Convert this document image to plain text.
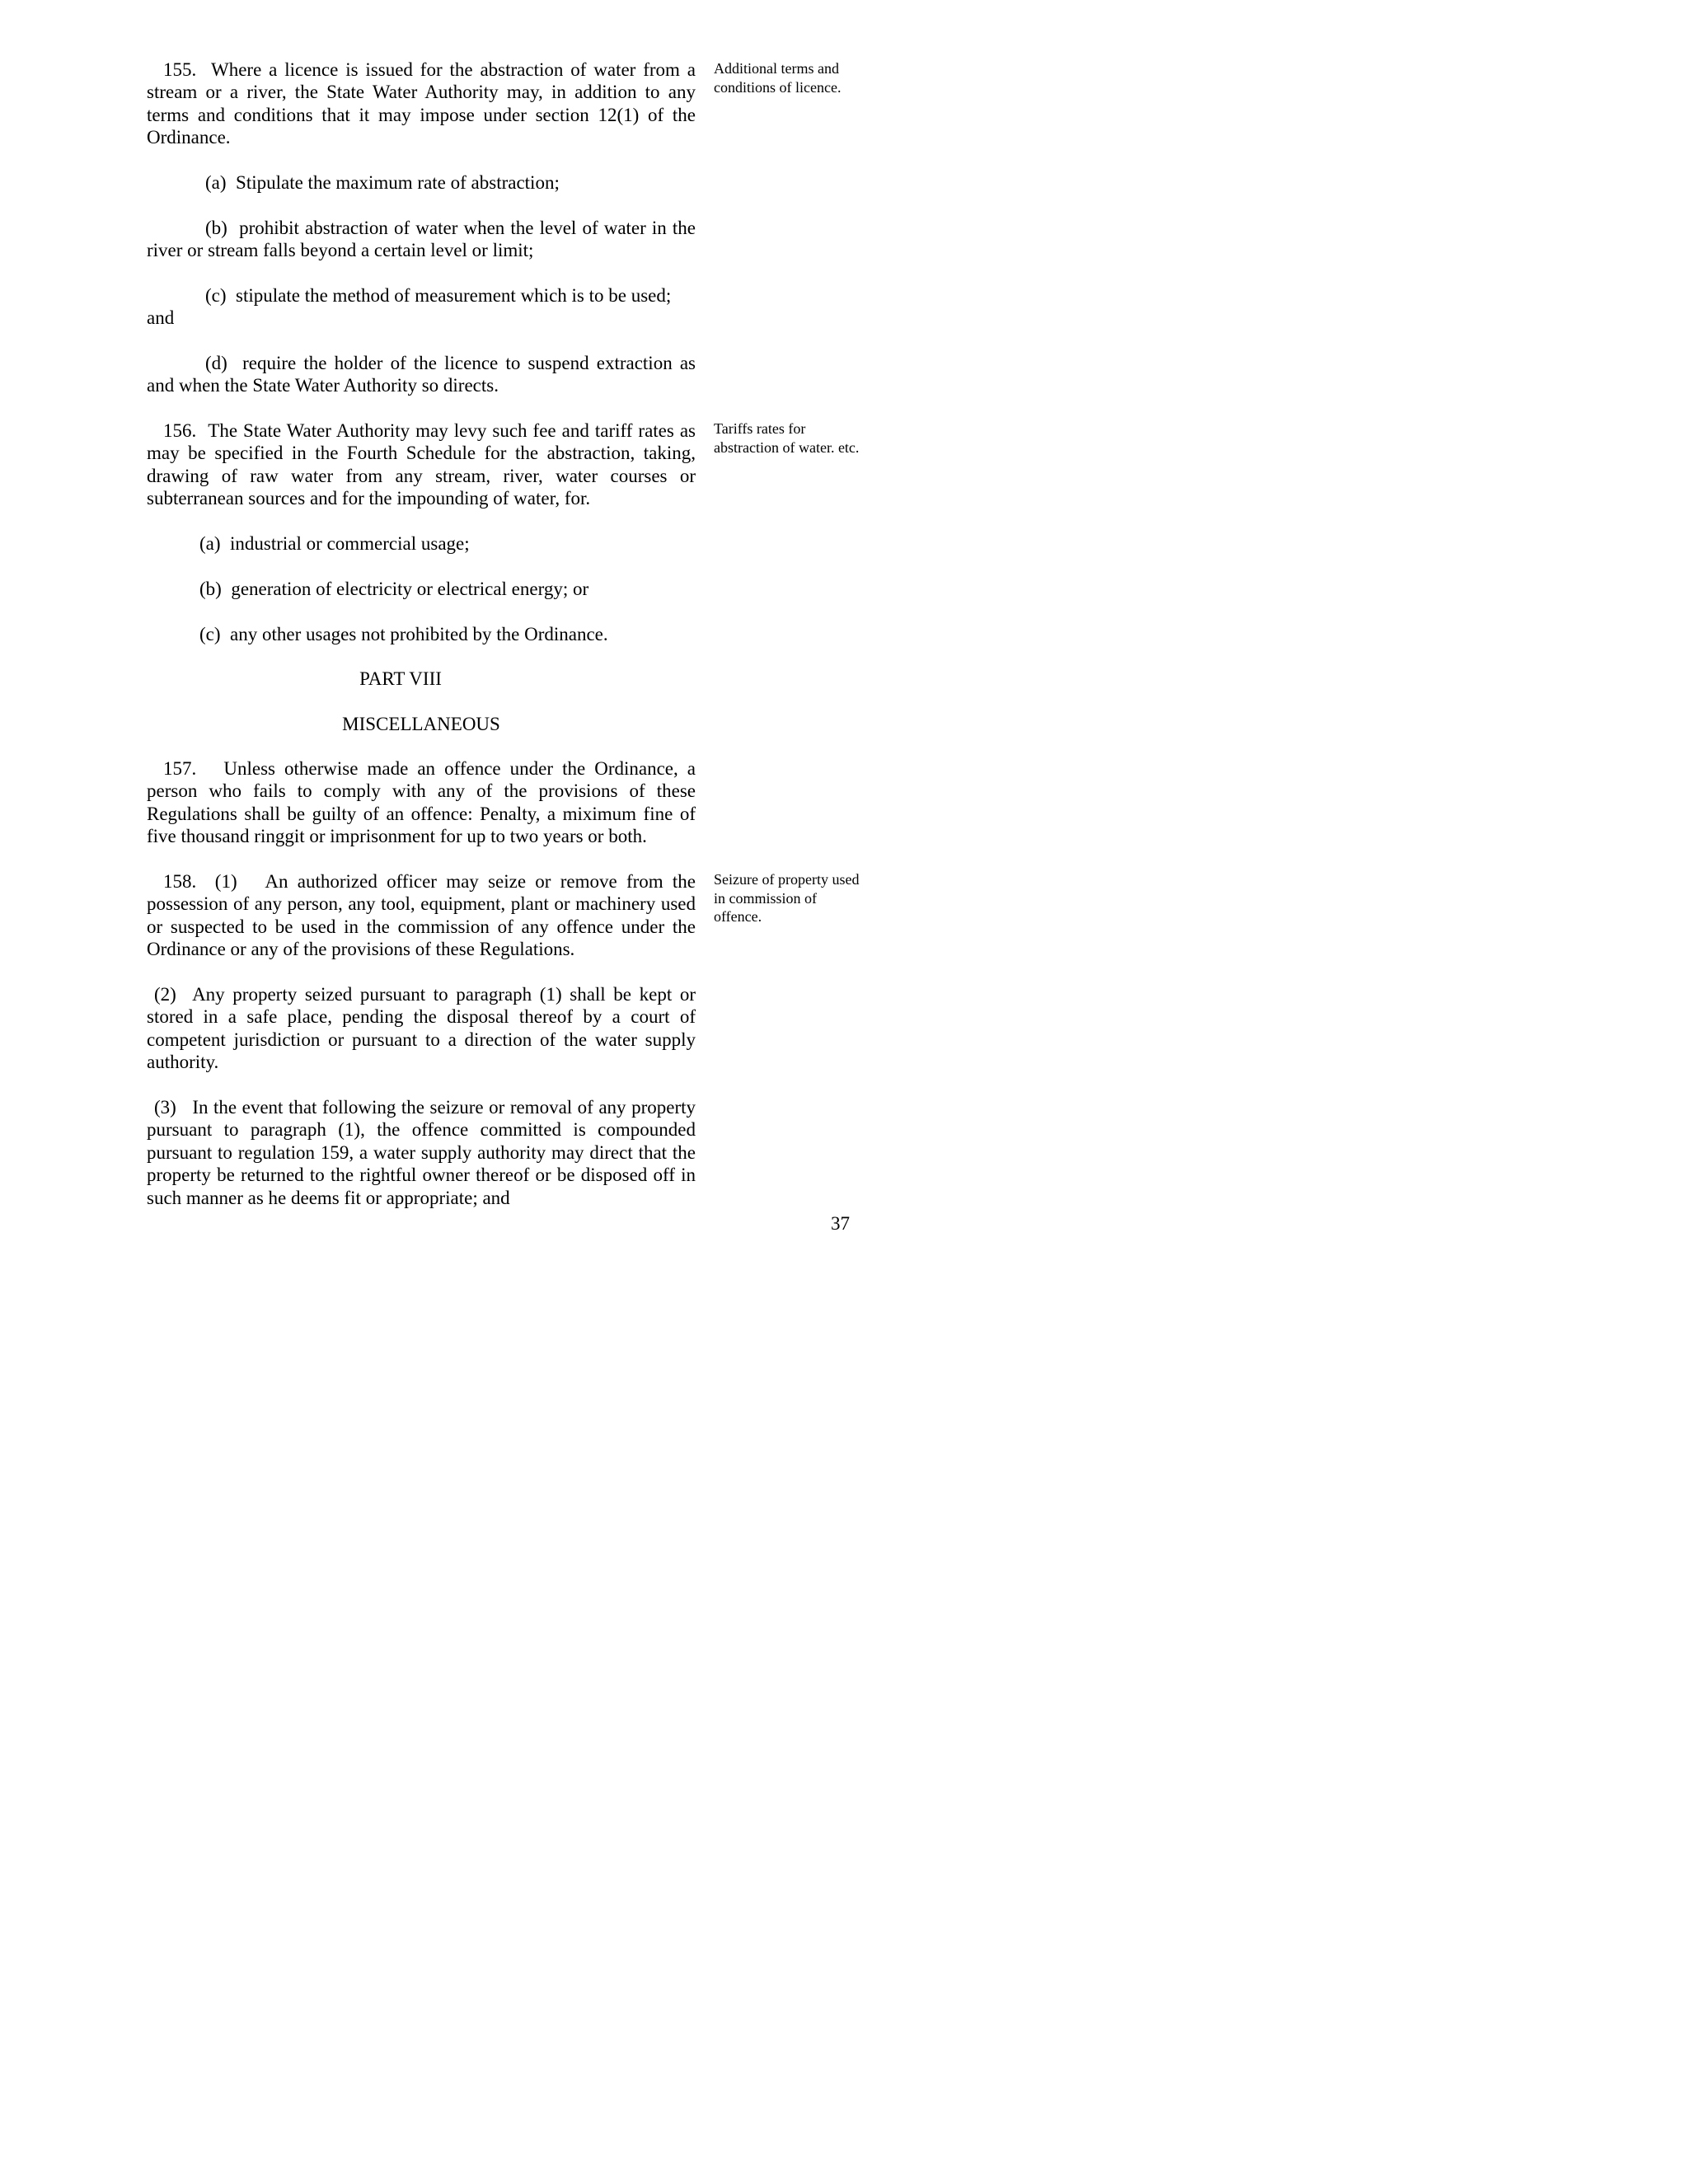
155. Where a licence is issued for the abstraction of water from a stream or a river, the State Water Authority may, in addition to any terms and conditions that it may impose under section 12(1) of the Ordinance.

Additional terms and conditions of licence.

(a) Stipulate the maximum rate of abstraction;

(b) prohibit abstraction of water when the level of water in the river or stream falls beyond a certain level or limit;

(c) stipulate the method of measurement which is to be used;

and

(d) require the holder of the licence to suspend extraction as and when the State Water Authority so directs.

156. The State Water Authority may levy such fee and tariff rates as may be specified in the Fourth Schedule for the abstraction, taking, drawing of raw water from any stream, river, water courses or subterranean sources and for the impounding of water, for.

Tariffs rates for abstraction of water. etc.

(a) industrial or commercial usage;

(b) generation of electricity or electrical energy; or

(c) any other usages not prohibited by the Ordinance.

PART VIII

MISCELLANEOUS

157. Unless otherwise made an offence under the Ordinance, a person who fails to comply with any of the provisions of these Regulations shall be guilty of an offence: Penalty, a miximum fine of five thousand ringgit or imprisonment for up to two years or both.

158. (1) An authorized officer may seize or remove from the possession of any person, any tool, equipment, plant or machinery used or suspected to be used in the commission of any offence under the Ordinance or any of the provisions of these Regulations.

Seizure of property used in commission of offence.

(2) Any property seized pursuant to paragraph (1) shall be kept or stored in a safe place, pending the disposal thereof by a court of competent jurisdiction or pursuant to a direction of the water supply authority.

(3) In the event that following the seizure or removal of any property pursuant to paragraph (1), the offence committed is compounded pursuant to regulation 159, a water supply authority may direct that the property be returned to the rightful owner thereof or be disposed off in such manner as he deems fit or appropriate; and

37
